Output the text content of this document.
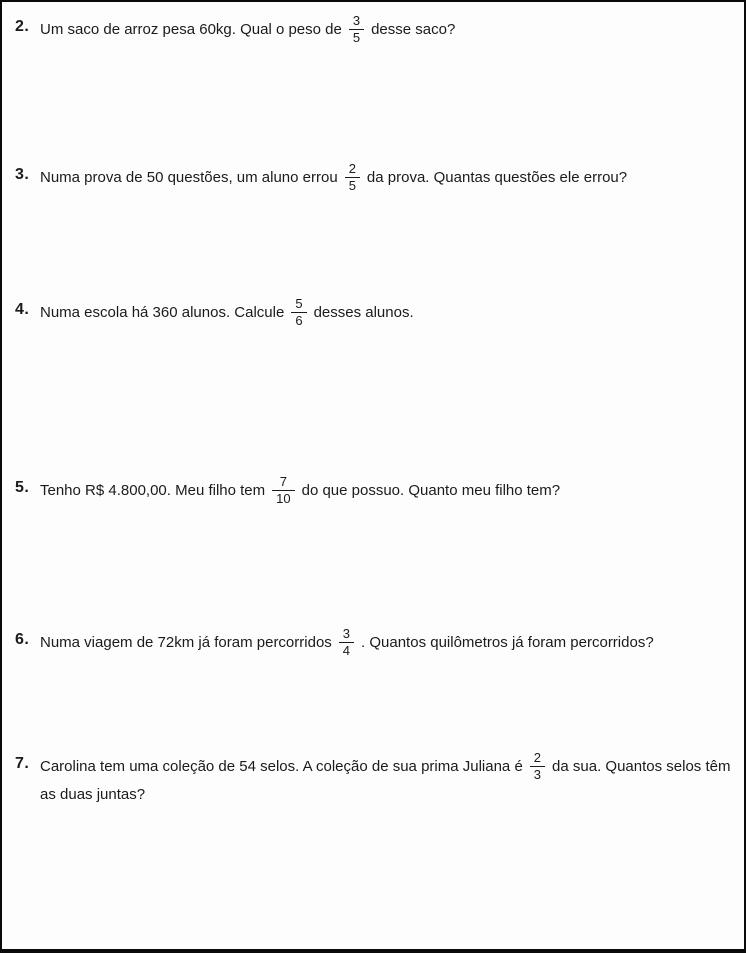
2. Um saco de arroz pesa 60kg. Qual o peso de $\frac{3}{5}$ desse saco?
3. Numa prova de 50 questões, um aluno errou $\frac{2}{5}$ da prova. Quantas questões ele errou?
4. Numa escola há 360 alunos. Calcule $\frac{5}{6}$ desses alunos.
5. Tenho R$ 4.800,00. Meu filho tem $\frac{7}{10}$ do que possuo. Quanto meu filho tem?
6. Numa viagem de 72km já foram percorridos $\frac{3}{4}$ . Quantos quilômetros já foram percorridos?
7. Carolina tem uma coleção de 54 selos. A coleção de sua prima Juliana é $\frac{2}{3}$ da sua. Quantos selos têm as duas juntas?
